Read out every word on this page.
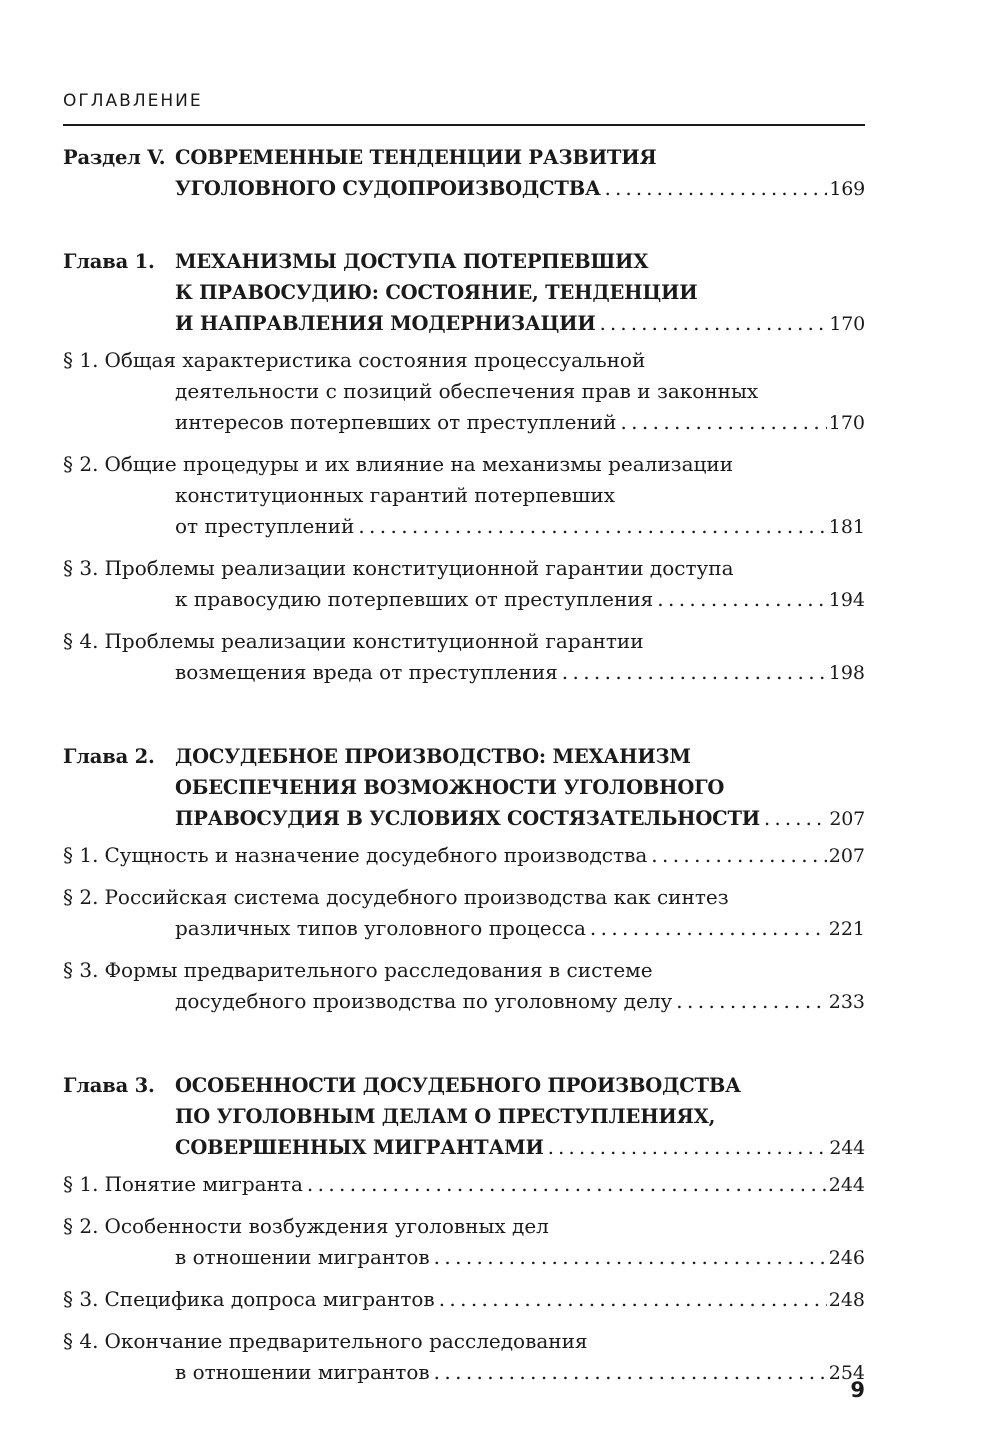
ОГЛАВЛЕНИЕ
Раздел V. СОВРЕМЕННЫЕ ТЕНДЕНЦИИ РАЗВИТИЯ
УГОЛОВНОГО СУДОПРОИЗВОДСТВА . . .	169
Глава 1. МЕХАНИЗМЫ ДОСТУПА ПОТЕРПЕВШИХ
К ПРАВОСУДИЮ: СОСТОЯНИЕ, ТЕНДЕНЦИИ
И НАПРАВЛЕНИЯ МОДЕРНИЗАЦИИ . . .	170
§ 1. Общая характеристика состояния процессуальной
деятельности с позиций обеспечения прав и законных
интересов потерпевших от преступлений . . .	170
§ 2. Общие процедуры и их влияние на механизмы реализации
конституционных гарантий потерпевших
от преступлений . . .	181
§ 3. Проблемы реализации конституционной гарантии доступа
к правосудию потерпевших от преступления . . .	194
§ 4. Проблемы реализации конституционной гарантии
возмещения вреда от преступления . . .	198
Глава 2. ДОСУДЕБНОЕ ПРОИЗВОДСТВО: МЕХАНИЗМ
ОБЕСПЕЧЕНИЯ ВОЗМОЖНОСТИ УГОЛОВНОГО
ПРАВОСУДИЯ В УСЛОВИЯХ СОСТЯЗАТЕЛЬНОСТИ . . .	207
§ 1. Сущность и назначение досудебного производства . . .	207
§ 2. Российская система досудебного производства как синтез
различных типов уголовного процесса . . .	221
§ 3. Формы предварительного расследования в системе
досудебного производства по уголовному делу . . .	233
Глава 3. ОСОБЕННОСТИ ДОСУДЕБНОГО ПРОИЗВОДСТВА
ПО УГОЛОВНЫМ ДЕЛАМ О ПРЕСТУПЛЕНИЯХ,
СОВЕРШЕННЫХ МИГРАНТАМИ . . .	244
§ 1. Понятие мигранта . . .	244
§ 2. Особенности возбуждения уголовных дел
в отношении мигрантов . . .	246
§ 3. Специфика допроса мигрантов . . .	248
§ 4. Окончание предварительного расследования
в отношении мигрантов . . .	254
9
